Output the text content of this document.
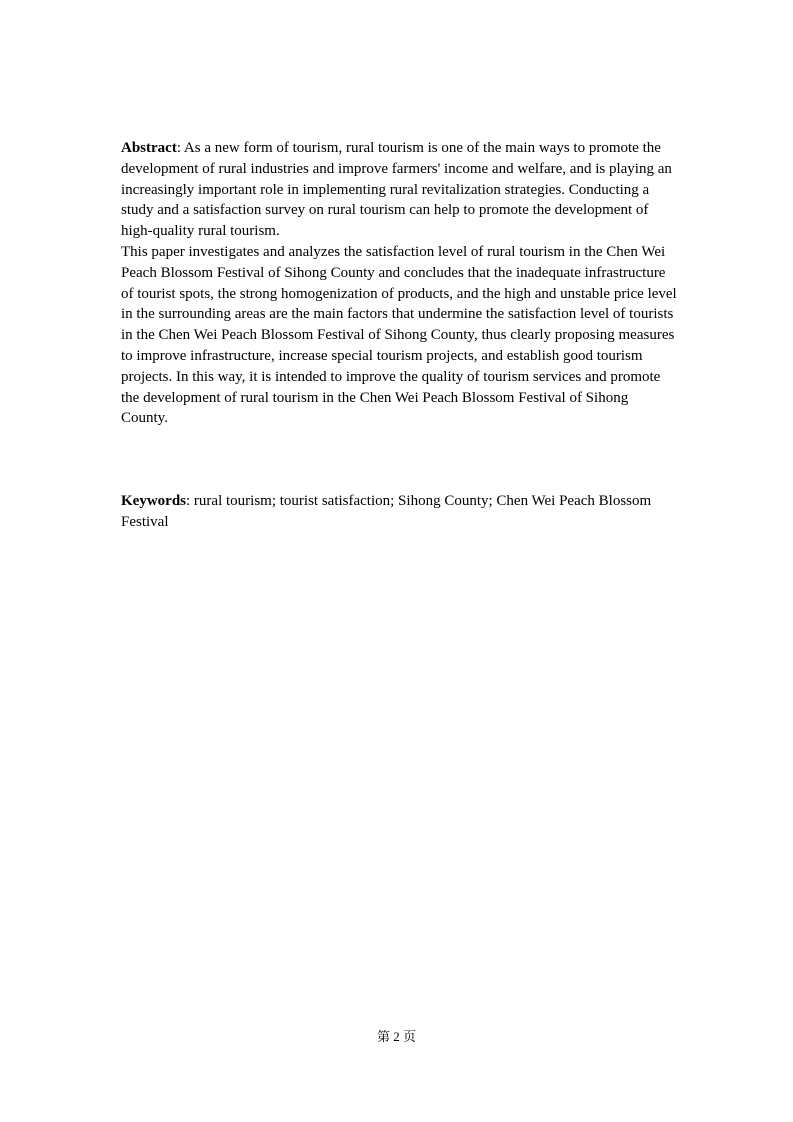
Abstract: As a new form of tourism, rural tourism is one of the main ways to promote the development of rural industries and improve farmers' income and welfare, and is playing an increasingly important role in implementing rural revitalization strategies. Conducting a study and a satisfaction survey on rural tourism can help to promote the development of high-quality rural tourism.

This paper investigates and analyzes the satisfaction level of rural tourism in the Chen Wei Peach Blossom Festival of Sihong County and concludes that the inadequate infrastructure of tourist spots, the strong homogenization of products, and the high and unstable price level in the surrounding areas are the main factors that undermine the satisfaction level of tourists in the Chen Wei Peach Blossom Festival of Sihong County, thus clearly proposing measures to improve infrastructure, increase special tourism projects, and establish good tourism projects. In this way, it is intended to improve the quality of tourism services and promote the development of rural tourism in the Chen Wei Peach Blossom Festival of Sihong County.

Keywords: rural tourism; tourist satisfaction; Sihong County; Chen Wei Peach Blossom Festival

第 2 页
